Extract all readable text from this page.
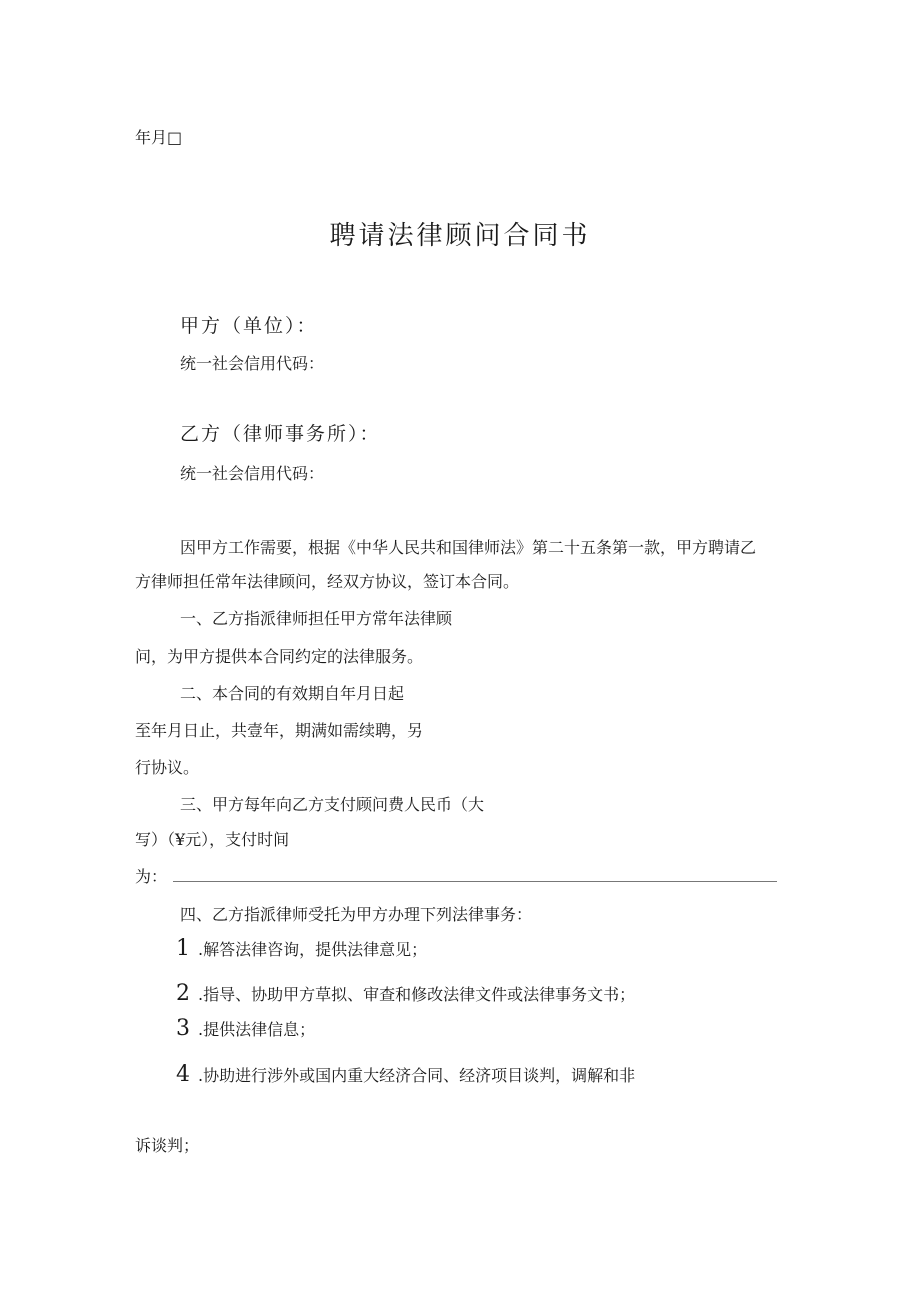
年月□
聘请法律顾问合同书
甲方（单位）：
统一社会信用代码：
乙方（律师事务所）：
统一社会信用代码：
因甲方工作需要，根据《中华人民共和国律师法》第二十五条第一款，甲方聘请乙
方律师担任常年法律顾问，经双方协议，签订本合同。
一、乙方指派律师担任甲方常年法律顾
问，为甲方提供本合同约定的法律服务。
二、本合同的有效期自年月日起
至年月日止，共壹年，期满如需续聘，另
行协议。
三、甲方每年向乙方支付顾问费人民币（大
写）（¥元），支付时间
为：
四、乙方指派律师受托为甲方办理下列法律事务：
1 .解答法律咨询，提供法律意见；
2 .指导、协助甲方草拟、审查和修改法律文件或法律事务文书；
3 .提供法律信息；
4 .协助进行涉外或国内重大经济合同、经济项目谈判，调解和非
诉谈判；
